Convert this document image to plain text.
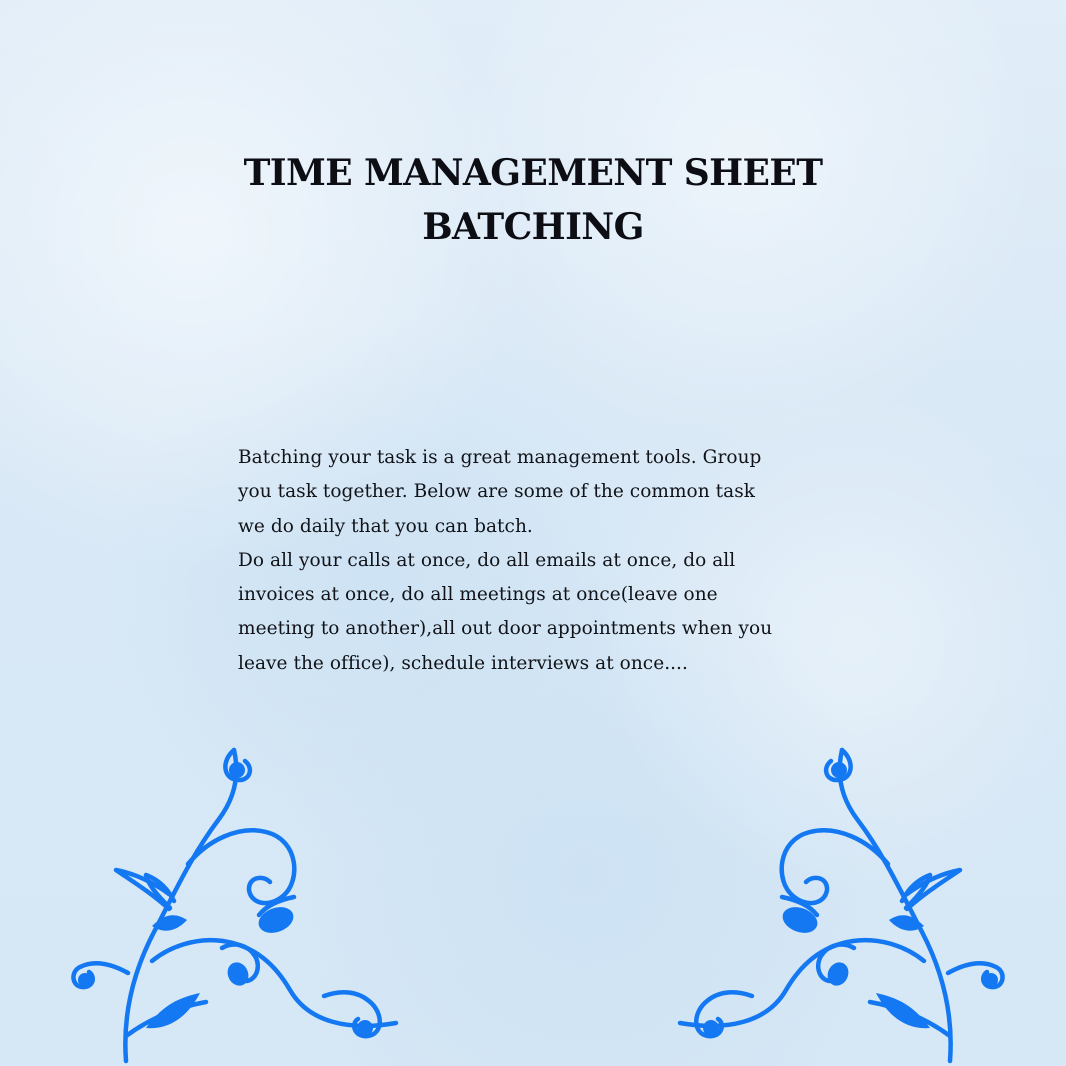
TIME MANAGEMENT SHEET
BATCHING

Batching your task is a great management tools. Group

you task together. Below are some of the common task

we do daily that you can batch.

Do all your calls at once, do all emails at once, do all

invoices at once, do all meetings at once(leave one

meeting to another),all out door appointments when you

leave the office), schedule interviews at once....
